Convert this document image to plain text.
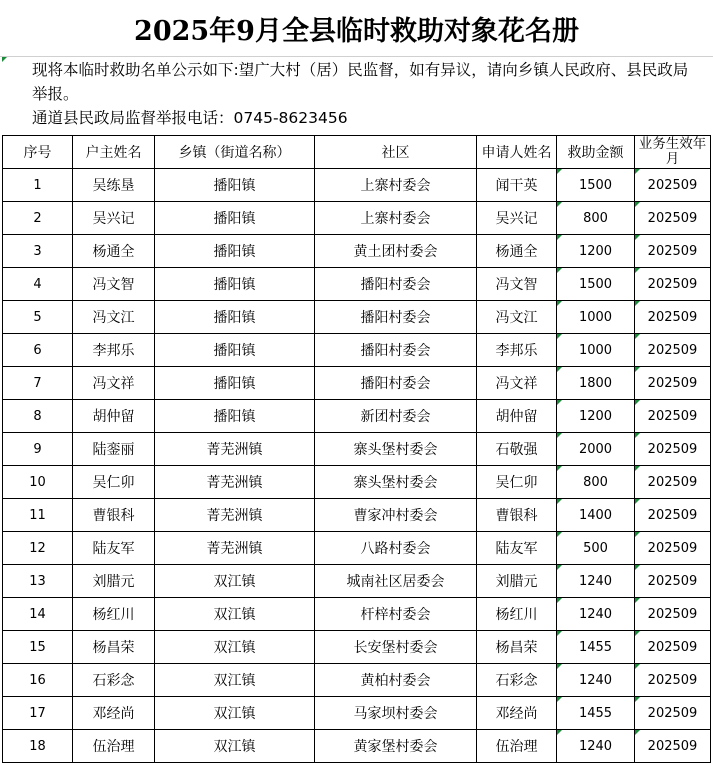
2025年9月全县临时救助对象花名册

现将本临时救助名单公示如下:望广大村（居）民监督，如有异议，请向乡镇人民政府、县民政局举报。

通道县民政局监督举报电话：0745-8623456

序号	户主姓名	乡镇（街道名称）	社区	申请人姓名	救助金额	业务生效年月
1	吴练垦	播阳镇	上寨村委会	闻干英	1500	202509

2	吴兴记	播阳镇	上寨村委会	吴兴记	800	202509

3	杨通全	播阳镇	黄土团村委会	杨通全	1200	202509

4	冯文智	播阳镇	播阳村委会	冯文智	1500	202509

5	冯文江	播阳镇	播阳村委会	冯文江	1000	202509

6	李邦乐	播阳镇	播阳村委会	李邦乐	1000	202509

7	冯文祥	播阳镇	播阳村委会	冯文祥	1800	202509

8	胡仲留	播阳镇	新团村委会	胡仲留	1200	202509

9	陆銮丽	菁芜洲镇	寨头堡村委会	石敬强	2000	202509

10	吴仁卯	菁芜洲镇	寨头堡村委会	吴仁卯	800	202509

11	曹银科	菁芜洲镇	曹家冲村委会	曹银科	1400	202509

12	陆友军	菁芜洲镇	八路村委会	陆友军	500	202509

13	刘腊元	双江镇	城南社区居委会	刘腊元	1240	202509

14	杨红川	双江镇	杆梓村委会	杨红川	1240	202509

15	杨昌荣	双江镇	长安堡村委会	杨昌荣	1455	202509

16	石彩念	双江镇	黄柏村委会	石彩念	1240	202509

17	邓经尚	双江镇	马家坝村委会	邓经尚	1455	202509

18	伍治理	双江镇	黄家堡村委会	伍治理	1240	202509
